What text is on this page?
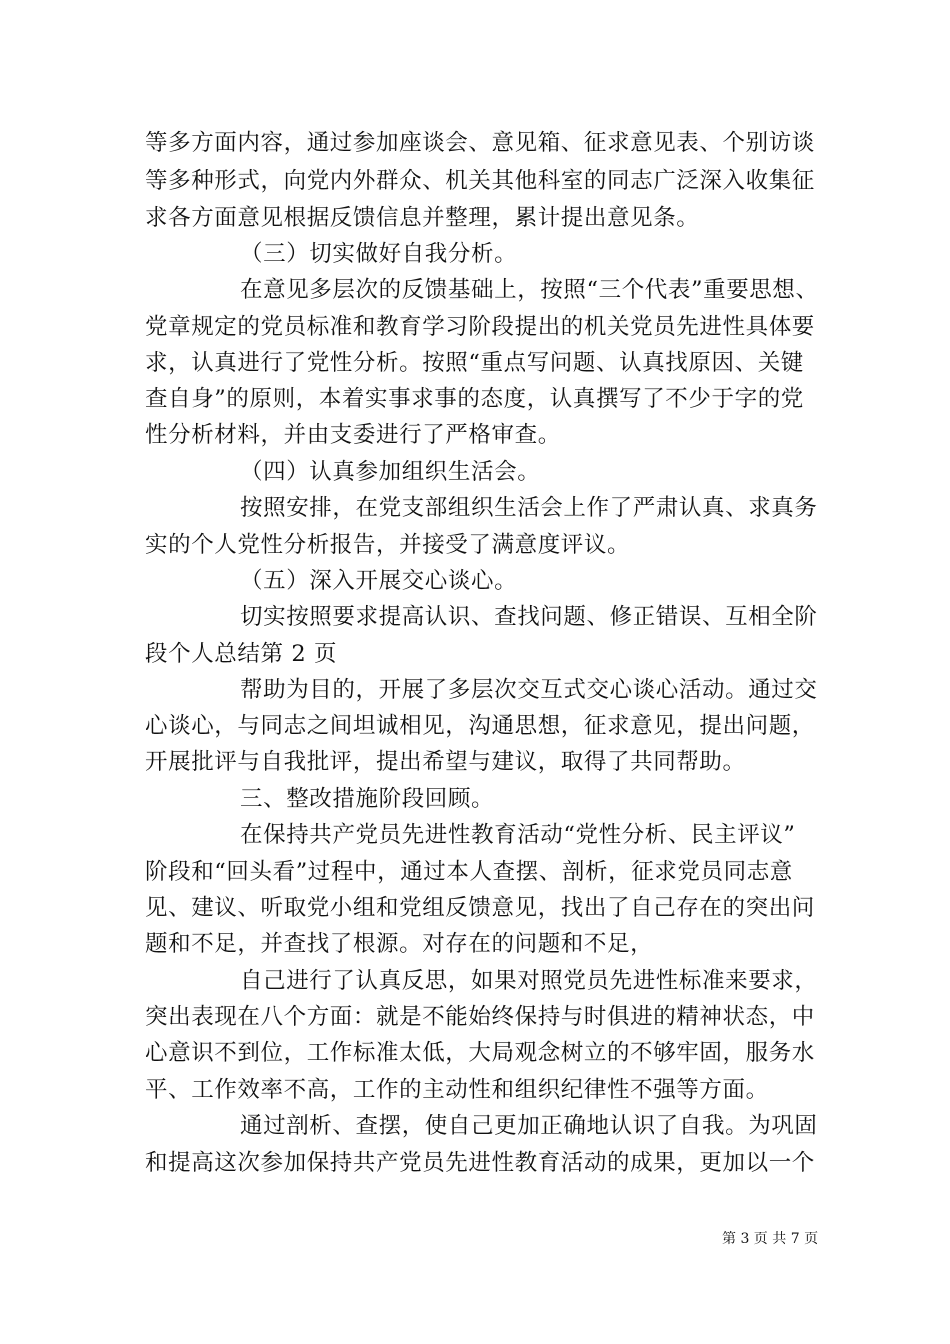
等多方面内容，通过参加座谈会、意见箱、征求意见表、个别访谈
等多种形式，向党内外群众、机关其他科室的同志广泛深入收集征
求各方面意见根据反馈信息并整理，累计提出意见条。
（三）切实做好自我分析。
在意见多层次的反馈基础上，按照“三个代表”重要思想、
党章规定的党员标准和教育学习阶段提出的机关党员先进性具体要
求，认真进行了党性分析。按照“重点写问题、认真找原因、关键
查自身”的原则，本着实事求事的态度，认真撰写了不少于字的党
性分析材料，并由支委进行了严格审查。
（四）认真参加组织生活会。
按照安排，在党支部组织生活会上作了严肃认真、求真务
实的个人党性分析报告，并接受了满意度评议。
（五）深入开展交心谈心。
切实按照要求提高认识、查找问题、修正错误、互相全阶
段个人总结第 2 页
帮助为目的，开展了多层次交互式交心谈心活动。通过交
心谈心，与同志之间坦诚相见，沟通思想，征求意见，提出问题，
开展批评与自我批评，提出希望与建议，取得了共同帮助。
三、整改措施阶段回顾。
在保持共产党员先进性教育活动“党性分析、民主评议”
阶段和“回头看”过程中，通过本人查摆、剖析，征求党员同志意
见、建议、听取党小组和党组反馈意见，找出了自己存在的突出问
题和不足，并查找了根源。对存在的问题和不足，
自己进行了认真反思，如果对照党员先进性标准来要求，
突出表现在八个方面：就是不能始终保持与时俱进的精神状态，中
心意识不到位，工作标准太低，大局观念树立的不够牢固，服务水
平、工作效率不高，工作的主动性和组织纪律性不强等方面。
通过剖析、查摆，使自己更加正确地认识了自我。为巩固
和提高这次参加保持共产党员先进性教育活动的成果，更加以一个
第 3 页 共 7 页
